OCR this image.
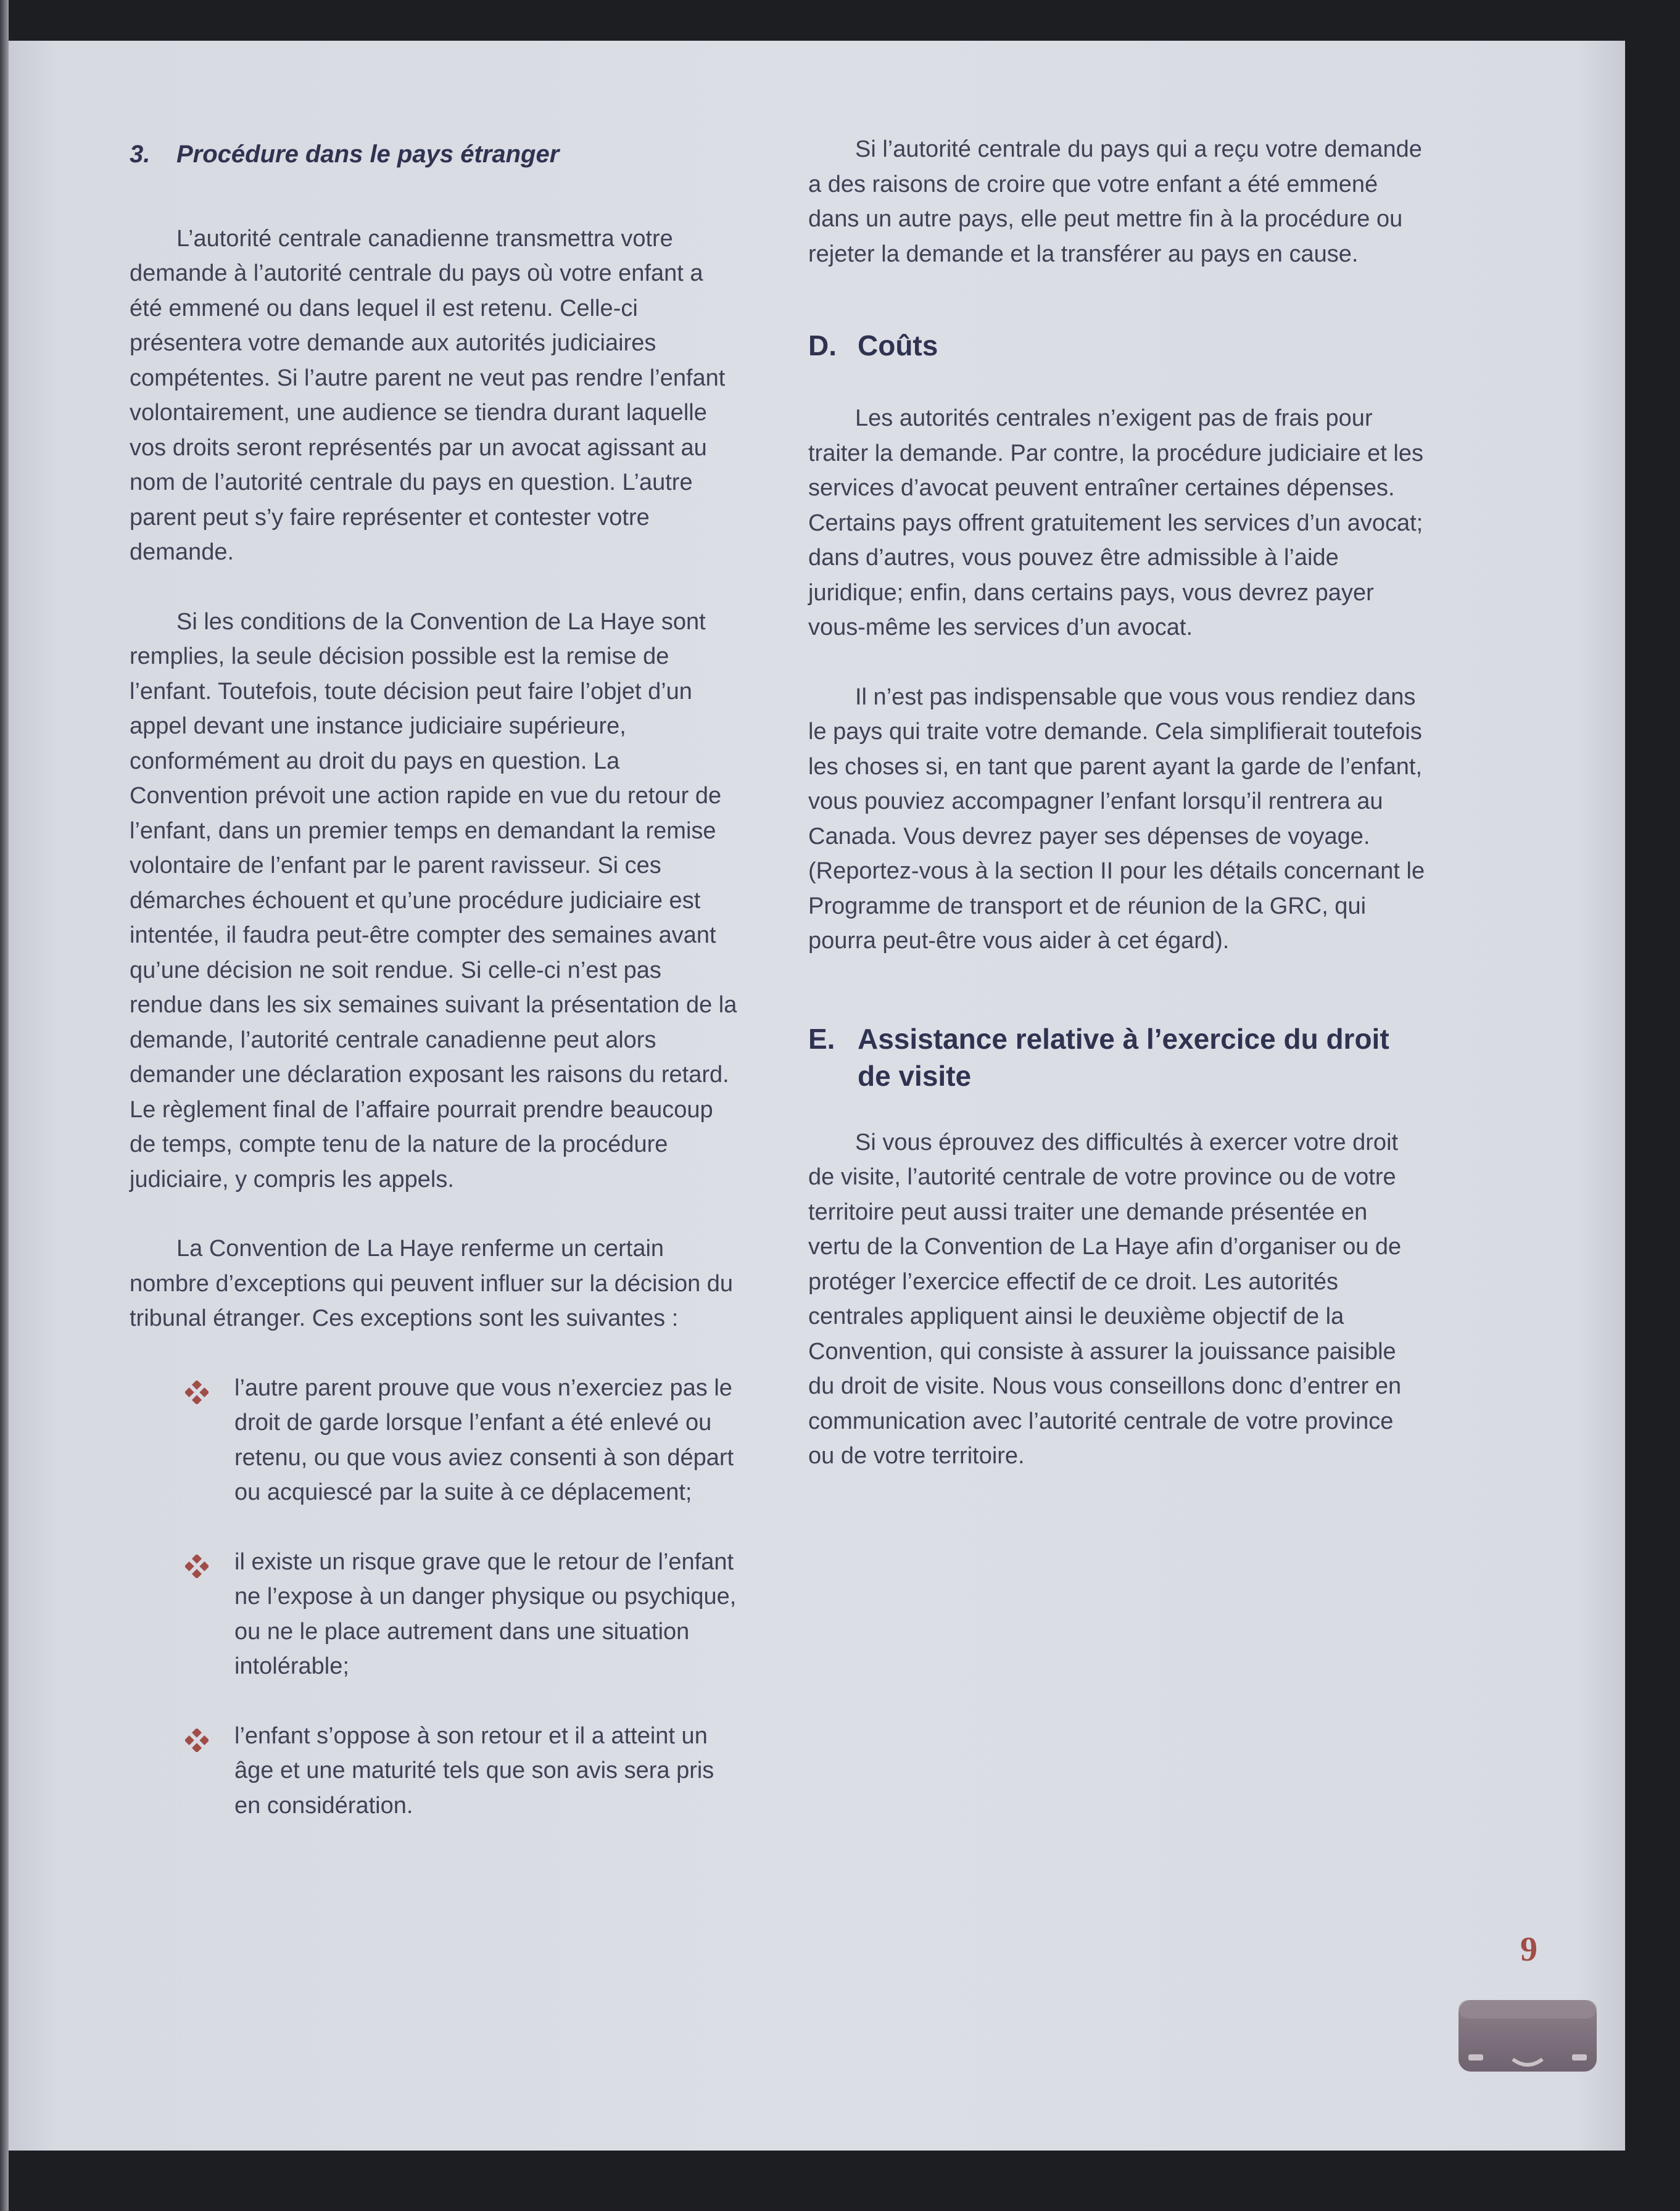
3. Procédure dans le pays étranger

L’autorité centrale canadienne transmettra votre demande à l’autorité centrale du pays où votre enfant a été emmené ou dans lequel il est retenu. Celle-ci présentera votre demande aux autorités judiciaires compétentes. Si l’autre parent ne veut pas rendre l’enfant volontairement, une audience se tiendra durant laquelle vos droits seront représentés par un avocat agissant au nom de l’autorité centrale du pays en question. L’autre parent peut s’y faire représenter et contester votre demande.

Si les conditions de la Convention de La Haye sont remplies, la seule décision possible est la remise de l’enfant. Toutefois, toute décision peut faire l’objet d’un appel devant une instance judiciaire supérieure, conformément au droit du pays en question. La Convention prévoit une action rapide en vue du retour de l’enfant, dans un premier temps en demandant la remise volontaire de l’enfant par le parent ravisseur. Si ces démarches échouent et qu’une procédure judiciaire est intentée, il faudra peut-être compter des semaines avant qu’une décision ne soit rendue. Si celle-ci n’est pas rendue dans les six semaines suivant la présentation de la demande, l’autorité centrale canadienne peut alors demander une déclaration exposant les raisons du retard. Le règlement final de l’affaire pourrait prendre beaucoup de temps, compte tenu de la nature de la procédure judiciaire, y compris les appels.

La Convention de La Haye renferme un certain nombre d’exceptions qui peuvent influer sur la décision du tribunal étranger. Ces exceptions sont les suivantes :

l’autre parent prouve que vous n’exerciez pas le droit de garde lorsque l’enfant a été enlevé ou retenu, ou que vous aviez consenti à son départ ou acquiescé par la suite à ce déplacement;
il existe un risque grave que le retour de l’enfant ne l’expose à un danger physique ou psychique, ou ne le place autrement dans une situation intolérable;
l’enfant s’oppose à son retour et il a atteint un âge et une maturité tels que son avis sera pris en considération.

Si l’autorité centrale du pays qui a reçu votre demande a des raisons de croire que votre enfant a été emmené dans un autre pays, elle peut mettre fin à la procédure ou rejeter la demande et la transférer au pays en cause.

D. Coûts

Les autorités centrales n’exigent pas de frais pour traiter la demande. Par contre, la procédure judiciaire et les services d’avocat peuvent entraîner certaines dépenses. Certains pays offrent gratuitement les services d’un avocat; dans d’autres, vous pouvez être admissible à l’aide juridique; enfin, dans certains pays, vous devrez payer vous-même les services d’un avocat.

Il n’est pas indispensable que vous vous rendiez dans le pays qui traite votre demande. Cela simplifierait toutefois les choses si, en tant que parent ayant la garde de l’enfant, vous pouviez accompagner l’enfant lorsqu’il rentrera au Canada. Vous devrez payer ses dépenses de voyage. (Reportez-vous à la section II pour les détails concernant le Programme de transport et de réunion de la GRC, qui pourra peut-être vous aider à cet égard).

E. Assistance relative à l’exercice du droit de visite

Si vous éprouvez des difficultés à exercer votre droit de visite, l’autorité centrale de votre province ou de votre territoire peut aussi traiter une demande présentée en vertu de la Convention de La Haye afin d’organiser ou de protéger l’exercice effectif de ce droit. Les autorités centrales appliquent ainsi le deuxième objectif de la Convention, qui consiste à assurer la jouissance paisible du droit de visite. Nous vous conseillons donc d’entrer en communication avec l’autorité centrale de votre province ou de votre territoire.

9
